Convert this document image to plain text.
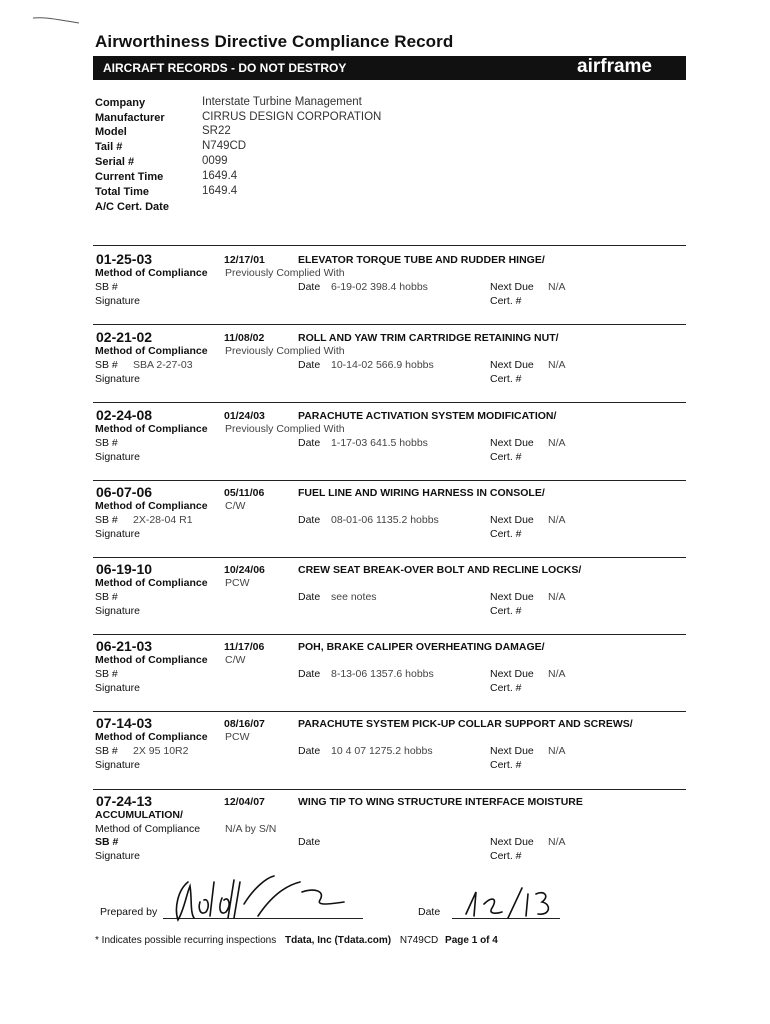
Airworthiness Directive Compliance Record
AIRCRAFT RECORDS - DO NOT DESTROY	airframe
Company	Interstate Turbine Management
Manufacturer	CIRRUS DESIGN CORPORATION
Model	SR22
Tail #	N749CD
Serial #	0099
Current Time	1649.4
Total Time	1649.4
A/C Cert. Date
01-25-03	12/17/01	ELEVATOR TORQUE TUBE AND RUDDER HINGE/
Method of Compliance Previously Complied With
SB #	Date 6-19-02 398.4 hobbs	Next Due N/A
Signature	Cert. #
02-21-02	11/08/02	ROLL AND YAW TRIM CARTRIDGE RETAINING NUT/
Method of Compliance Previously Complied With
SB # SBA 2-27-03	Date 10-14-02 566.9 hobbs	Next Due N/A
Signature	Cert. #
02-24-08	01/24/03	PARACHUTE ACTIVATION SYSTEM MODIFICATION/
Method of Compliance Previously Complied With
SB #	Date 1-17-03 641.5 hobbs	Next Due N/A
Signature	Cert. #
06-07-06	05/11/06	FUEL LINE AND WIRING HARNESS IN CONSOLE/
Method of Compliance C/W
SB # 2X-28-04 R1	Date 08-01-06 1135.2 hobbs	Next Due N/A
Signature	Cert. #
06-19-10	10/24/06	CREW SEAT BREAK-OVER BOLT AND RECLINE LOCKS/
Method of Compliance PCW
SB #	Date see notes	Next Due N/A
Signature	Cert. #
06-21-03	11/17/06	POH, BRAKE CALIPER OVERHEATING DAMAGE/
Method of Compliance C/W
SB #	Date 8-13-06 1357.6 hobbs	Next Due N/A
Signature	Cert. #
07-14-03	08/16/07	PARACHUTE SYSTEM PICK-UP COLLAR SUPPORT AND SCREWS/
Method of Compliance PCW
SB # 2X 95 10R2	Date 10 4 07 1275.2 hobbs	Next Due N/A
Signature	Cert. #
07-24-13	12/04/07	WING TIP TO WING STRUCTURE INTERFACE MOISTURE
ACCUMULATION/
Method of Compliance N/A by S/N
SB #	Date	Next Due N/A
Signature	Cert. #
Prepared by	Date
* Indicates possible recurring inspections Tdata, Inc (Tdata.com) N749CD Page 1 of 4
